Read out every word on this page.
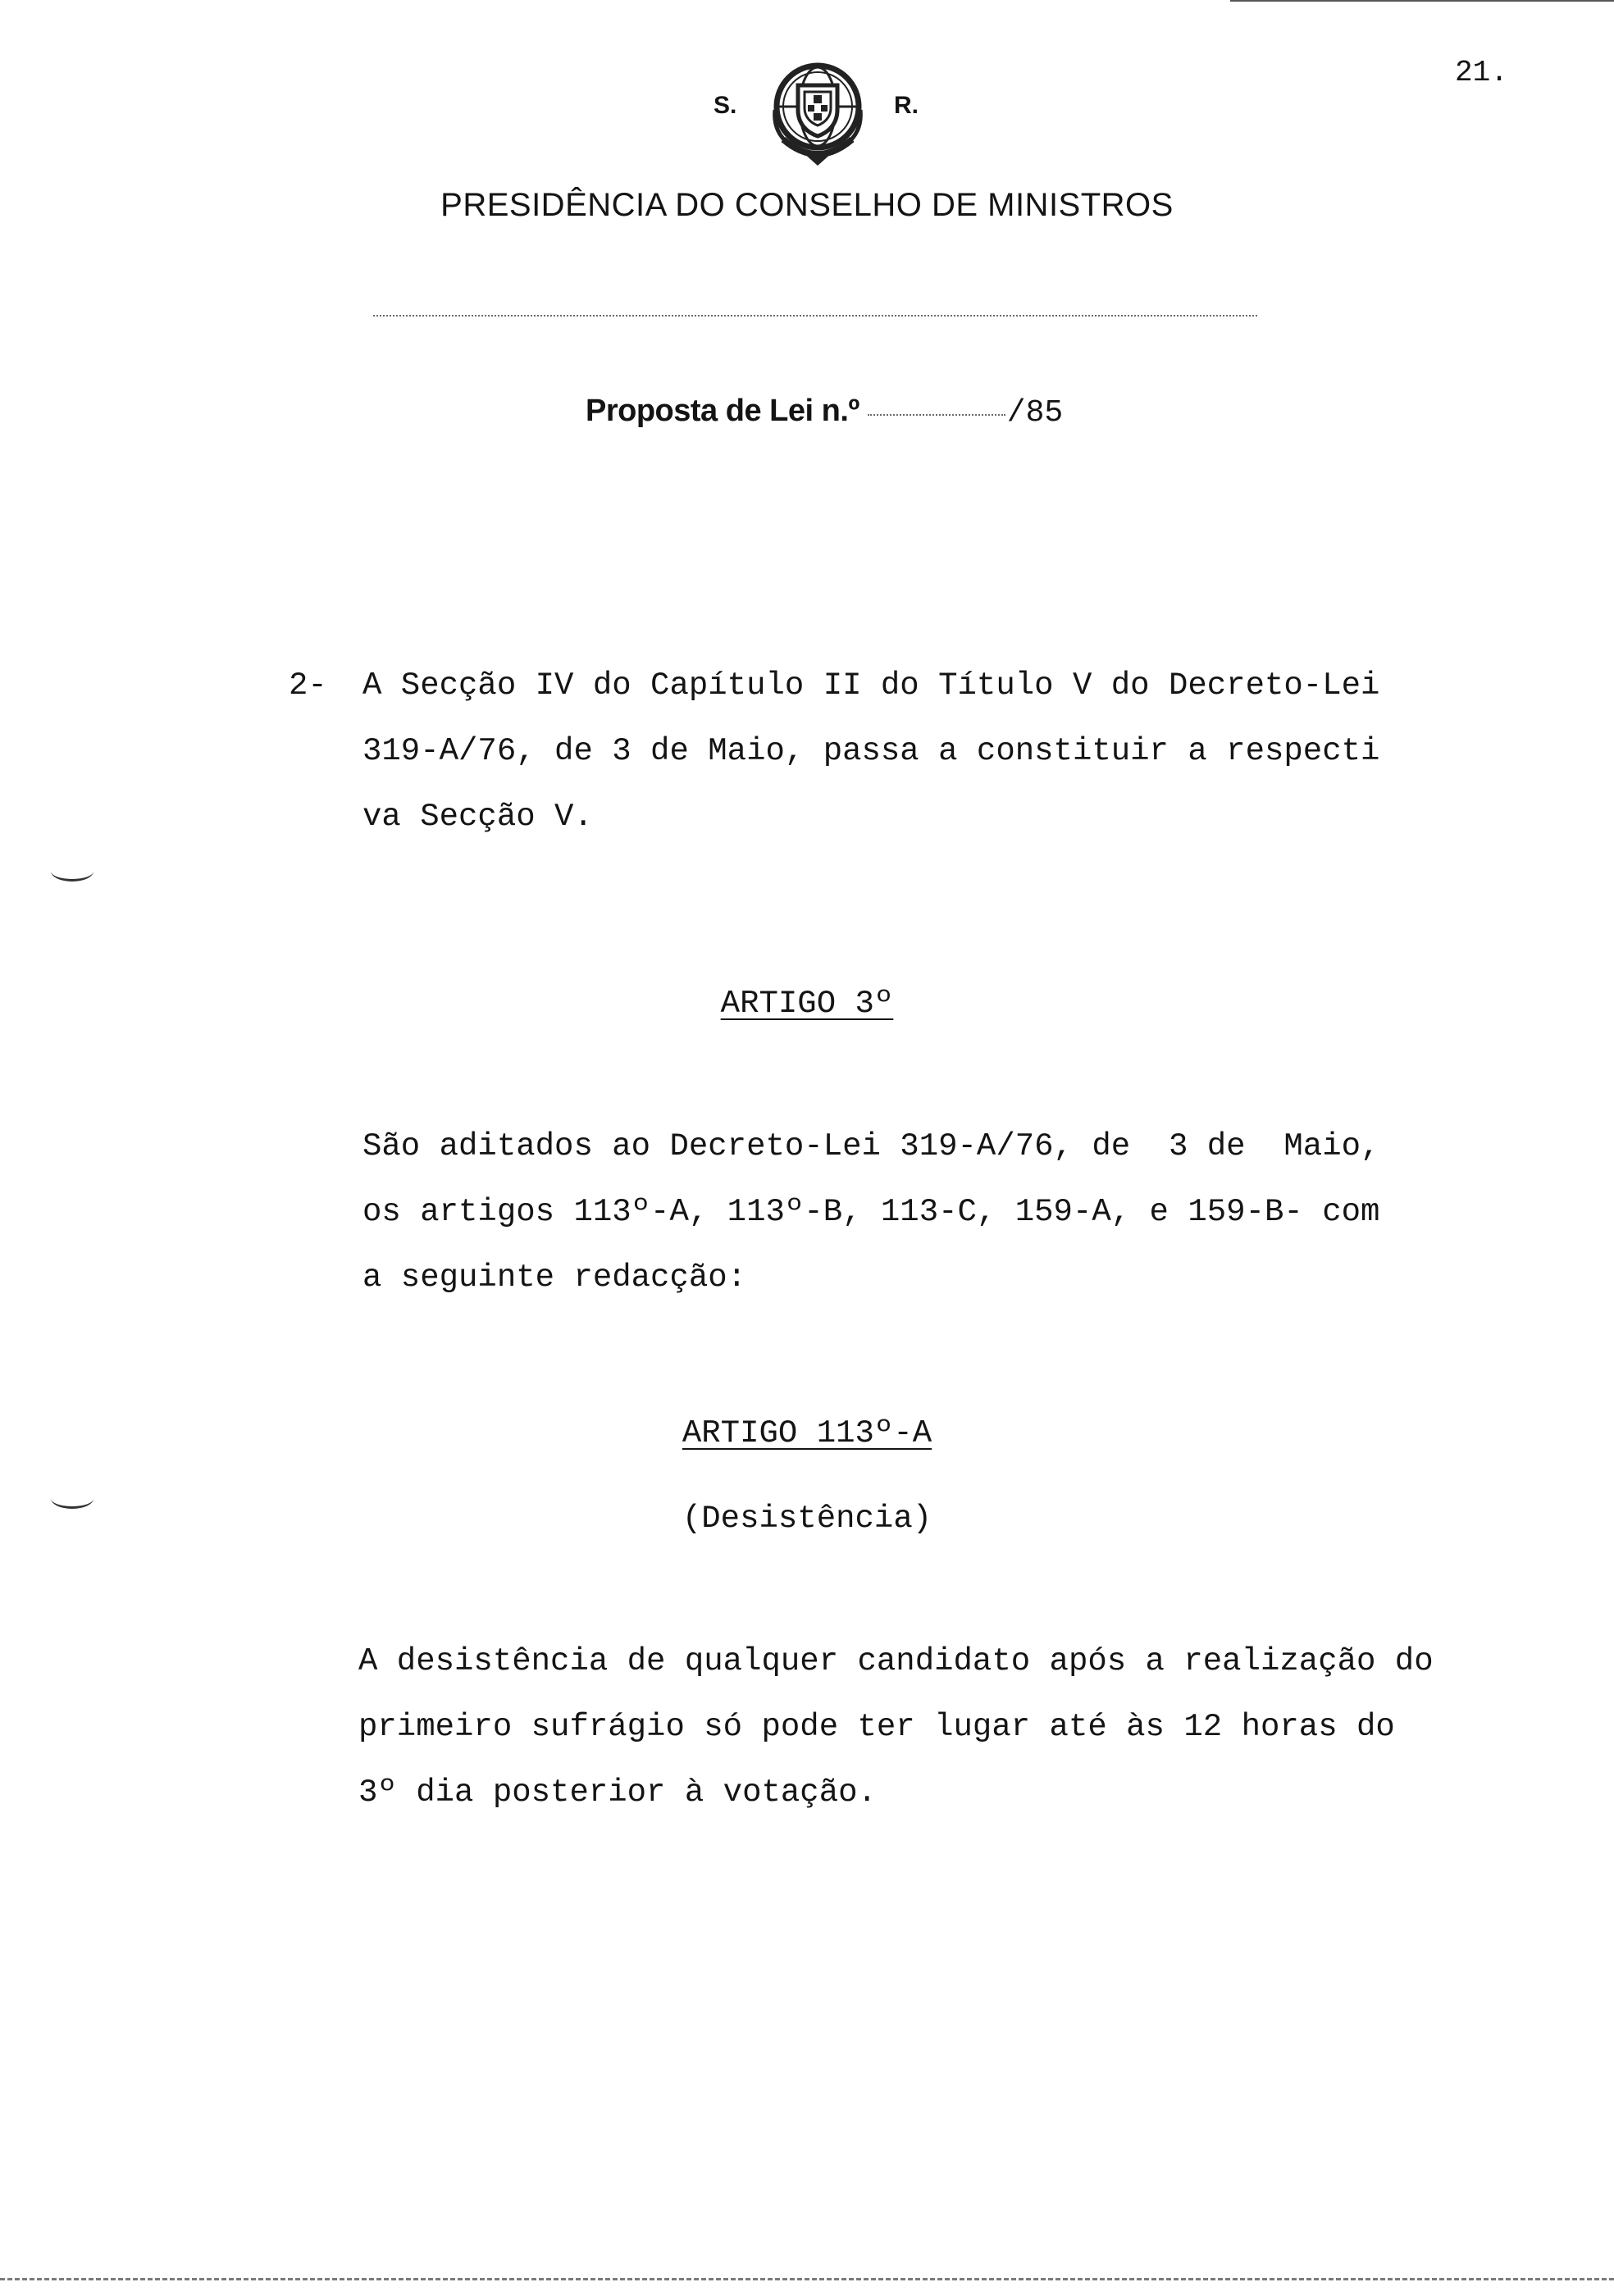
21.
S.	R.
PRESIDÊNCIA DO CONSELHO DE MINISTROS
Proposta de Lei n.º	/85
2- A Secção IV do Capítulo II do Título V do Decreto-Lei
319-A/76, de 3 de Maio, passa a constituir a respecti
va Secção V.
ARTIGO 3º
São aditados ao Decreto-Lei 319-A/76, de  3 de  Maio,
os artigos 113º-A, 113º-B, 113-C, 159-A, e 159-B- com
a seguinte redacção:
ARTIGO 113º-A
(Desistência)
A desistência de qualquer candidato após a realização do
primeiro sufrágio só pode ter lugar até às 12 horas do
3º dia posterior à votação.
